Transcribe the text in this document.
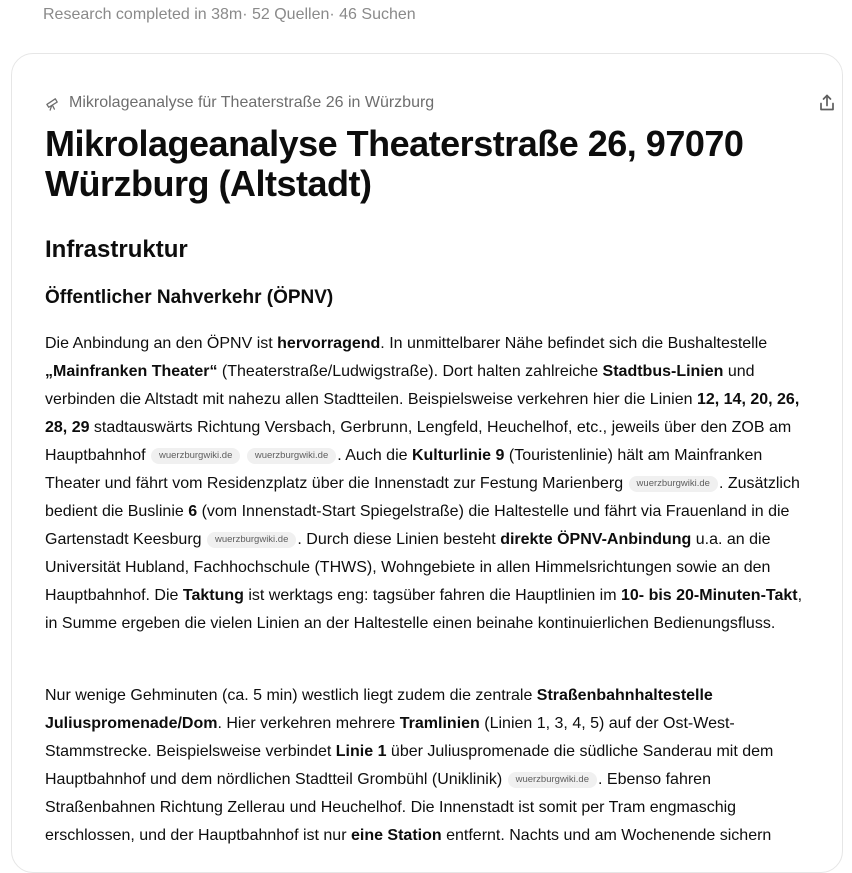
Research completed in 38m· 52 Quellen· 46 Suchen
Mikrolageanalyse für Theaterstraße 26 in Würzburg
Mikrolageanalyse Theaterstraße 26, 97070 Würzburg (Altstadt)
Infrastruktur
Öffentlicher Nahverkehr (ÖPNV)

Die Anbindung an den ÖPNV ist hervorragend. In unmittelbarer Nähe befindet sich die Bushaltestelle „Mainfranken Theater“ (Theaterstraße/Ludwigstraße). Dort halten zahlreiche Stadtbus-Linien und verbinden die Altstadt mit nahezu allen Stadtteilen. Beispielsweise verkehren hier die Linien 12, 14, 20, 26, 28, 29 stadtauswärts Richtung Versbach, Gerbrunn, Lengfeld, Heuchelhof, etc., jeweils über den ZOB am Hauptbahnhof wuerzburgwiki.de wuerzburgwiki.de . Auch die Kulturlinie 9 (Touristenlinie) hält am Mainfranken Theater und fährt vom Residenzplatz über die Innenstadt zur Festung Marienberg wuerzburgwiki.de . Zusätzlich bedient die Buslinie 6 (vom Innenstadt-Start Spiegelstraße) die Haltestelle und fährt via Frauenland in die Gartenstadt Keesburg wuerzburgwiki.de . Durch diese Linien besteht direkte ÖPNV-Anbindung u.a. an die Universität Hubland, Fachhochschule (THWS), Wohngebiete in allen Himmelsrichtungen sowie an den Hauptbahnhof. Die Taktung ist werktags eng: tagsüber fahren die Hauptlinien im 10- bis 20-Minuten-Takt, in Summe ergeben die vielen Linien an der Haltestelle einen beinahe kontinuierlichen Bedienungsfluss.

Nur wenige Gehminuten (ca. 5 min) westlich liegt zudem die zentrale Straßenbahnhaltestelle Juliuspromenade/Dom. Hier verkehren mehrere Tramlinien (Linien 1, 3, 4, 5) auf der Ost-West-Stammstrecke. Beispielsweise verbindet Linie 1 über Juliuspromenade die südliche Sanderau mit dem Hauptbahnhof und dem nördlichen Stadtteil Grombühl (Uniklinik) wuerzburgwiki.de . Ebenso fahren Straßenbahnen Richtung Zellerau und Heuchelhof. Die Innenstadt ist somit per Tram engmaschig erschlossen, und der Hauptbahnhof ist nur eine Station entfernt. Nachts und am Wochenende sichern
